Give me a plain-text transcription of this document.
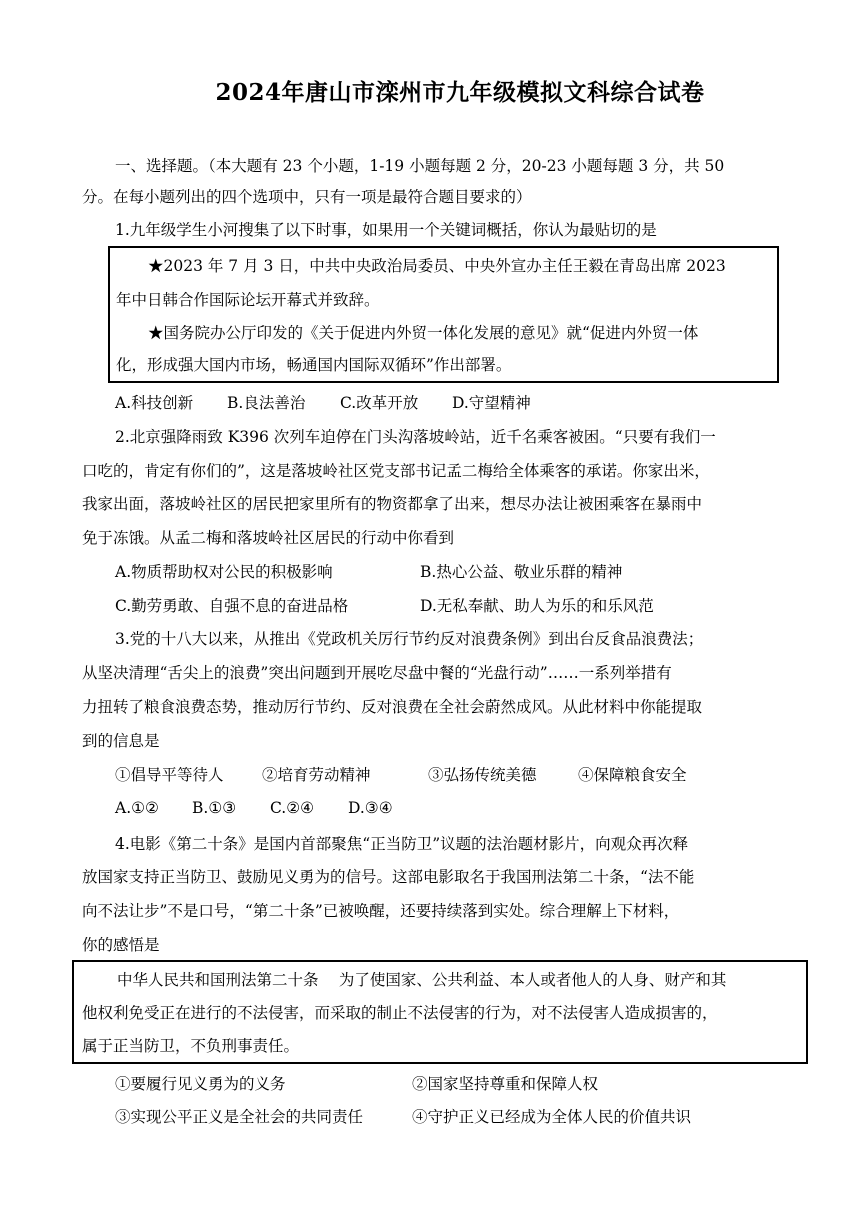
2024年唐山市滦州市九年级模拟文科综合试卷
一、选择题。（本大题有 23 个小题，1-19 小题每题 2 分，20-23 小题每题 3 分，共 50
分。在每小题列出的四个选项中，只有一项是最符合题目要求的）
1.九年级学生小河搜集了以下时事，如果用一个关键词概括，你认为最贴切的是
★2023 年 7 月 3 日，中共中央政治局委员、中央外宣办主任王毅在青岛出席 2023
年中日韩合作国际论坛开幕式并致辞。
★国务院办公厅印发的《关于促进内外贸一体化发展的意见》就“促进内外贸一体
化，形成强大国内市场，畅通国内国际双循环”作出部署。
A.科技创新 B.良法善治 C.改革开放 D.守望精神
2.北京强降雨致 K396 次列车迫停在门头沟落坡岭站，近千名乘客被困。“只要有我们一
口吃的，肯定有你们的”，这是落坡岭社区党支部书记孟二梅给全体乘客的承诺。你家出米，
我家出面，落坡岭社区的居民把家里所有的物资都拿了出来，想尽办法让被困乘客在暴雨中
免于冻饿。从孟二梅和落坡岭社区居民的行动中你看到
A.物质帮助权对公民的积极影响	B.热心公益、敬业乐群的精神
C.勤劳勇敢、自强不息的奋进品格	D.无私奉献、助人为乐的和乐风范
3.党的十八大以来，从推出《党政机关厉行节约反对浪费条例》到出台反食品浪费法；
从坚决清理“舌尖上的浪费”突出问题到开展吃尽盘中餐的“光盘行动”……一系列举措有
力扭转了粮食浪费态势，推动厉行节约、反对浪费在全社会蔚然成风。从此材料中你能提取
到的信息是
①倡导平等待人 ②培育劳动精神	③弘扬传统美德	④保障粮食安全
A.①② B.①③ C.②④ D.③④
4.电影《第二十条》是国内首部聚焦“正当防卫”议题的法治题材影片，向观众再次释
放国家支持正当防卫、鼓励见义勇为的信号。这部电影取名于我国刑法第二十条，“法不能
向不法让步”不是口号，“第二十条”已被唤醒，还要持续落到实处。综合理解上下材料，
你的感悟是
中华人民共和国刑法第二十条　 为了使国家、公共利益、本人或者他人的人身、财产和其
他权利免受正在进行的不法侵害，而采取的制止不法侵害的行为，对不法侵害人造成损害的，
属于正当防卫，不负刑事责任。
①要履行见义勇为的义务	②国家坚持尊重和保障人权
③实现公平正义是全社会的共同责任	④守护正义已经成为全体人民的价值共识
